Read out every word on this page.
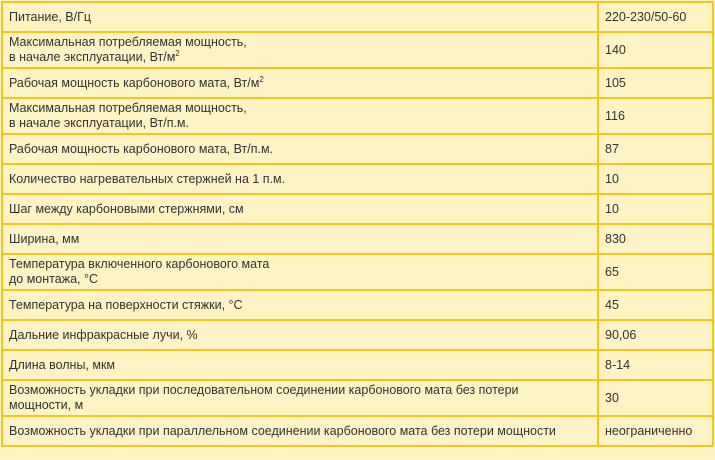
Питание, В/Гц	220-230/50-60
Максимальная потребляемая мощность,
в начале эксплуатации, $Вт/м^2$	140
Рабочая мощность карбонового мата, $Вт/м^2$	105
Максимальная потребляемая мощность,
в начале эксплуатации, Вт/п.м.	116
Рабочая мощность карбонового мата, Вт/п.м.	87
Количество нагревательных стержней на 1 п.м.	10
Шаг между карбоновыми стержнями, см	10
Ширина, мм	830
Температура включенного карбонового мата
до монтажа, °С	65
Температура на поверхности стяжки, °С	45
Дальние инфракрасные лучи, %	90,06
Длина волны, мкм	8-14
Возможность укладки при последовательном соединении карбонового мата без потери
мощности, м	30
Возможность укладки при параллельном соединении карбонового мата без потери мощности	неограниченно
